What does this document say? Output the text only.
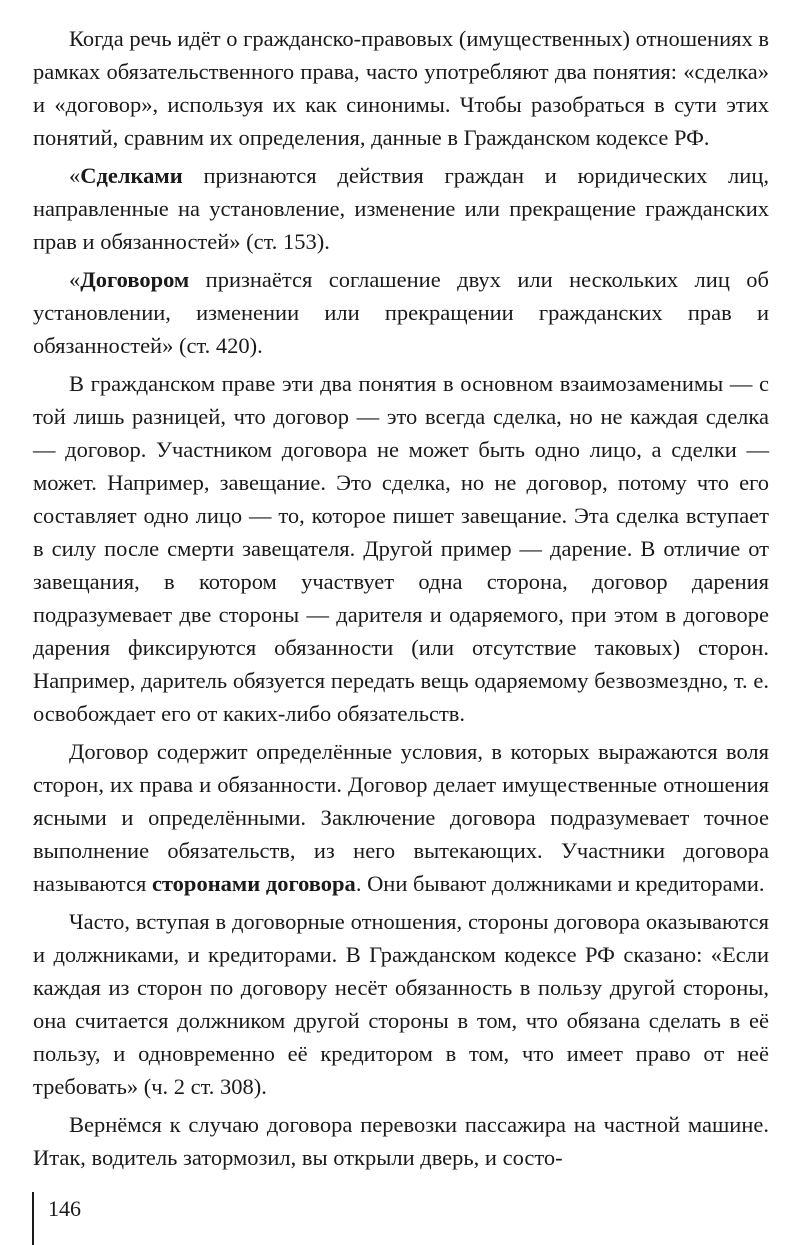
Когда речь идёт о гражданско-правовых (имущественных) отношениях в рамках обязательственного права, часто употребляют два понятия: «сделка» и «договор», используя их как синонимы. Чтобы разобраться в сути этих понятий, сравним их определения, данные в Гражданском кодексе РФ.

«Сделками признаются действия граждан и юридических лиц, направленные на установление, изменение или прекращение гражданских прав и обязанностей» (ст. 153).

«Договором признаётся соглашение двух или нескольких лиц об установлении, изменении или прекращении гражданских прав и обязанностей» (ст. 420).

В гражданском праве эти два понятия в основном взаимозаменимы — с той лишь разницей, что договор — это всегда сделка, но не каждая сделка — договор. Участником договора не может быть одно лицо, а сделки — может. Например, завещание. Это сделка, но не договор, потому что его составляет одно лицо — то, которое пишет завещание. Эта сделка вступает в силу после смерти завещателя. Другой пример — дарение. В отличие от завещания, в котором участвует одна сторона, договор дарения подразумевает две стороны — дарителя и одаряемого, при этом в договоре дарения фиксируются обязанности (или отсутствие таковых) сторон. Например, даритель обязуется передать вещь одаряемому безвозмездно, т. е. освобождает его от каких-либо обязательств.

Договор содержит определённые условия, в которых выражаются воля сторон, их права и обязанности. Договор делает имущественные отношения ясными и определёнными. Заключение договора подразумевает точное выполнение обязательств, из него вытекающих. Участники договора называются сторонами договора. Они бывают должниками и кредиторами.

Часто, вступая в договорные отношения, стороны договора оказываются и должниками, и кредиторами. В Гражданском кодексе РФ сказано: «Если каждая из сторон по договору несёт обязанность в пользу другой стороны, она считается должником другой стороны в том, что обязана сделать в её пользу, и одновременно её кредитором в том, что имеет право от неё требовать» (ч. 2 ст. 308).

Вернёмся к случаю договора перевозки пассажира на частной машине. Итак, водитель затормозил, вы открыли дверь, и состо-

146
